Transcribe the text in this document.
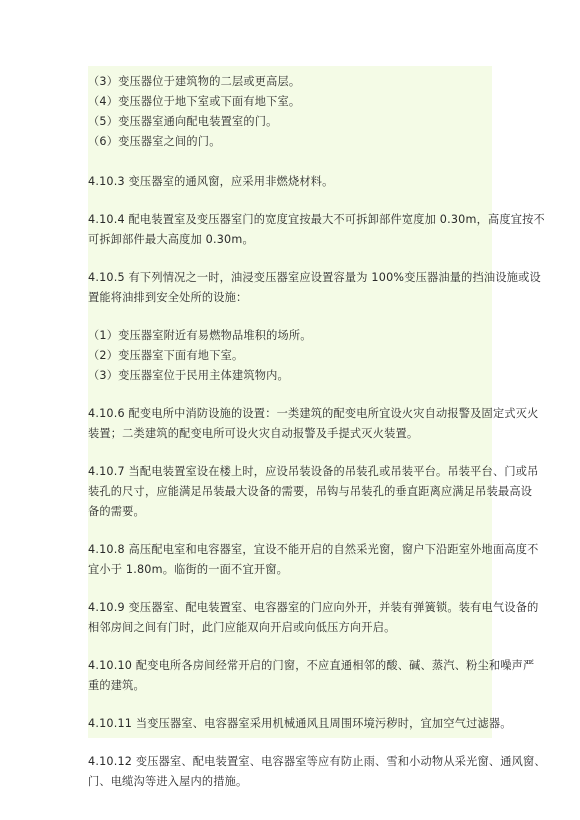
（3）变压器位于建筑物的二层或更高层。
（4）变压器位于地下室或下面有地下室。
（5）变压器室通向配电装置室的门。
（6）变压器室之间的门。
4.10.3 变压器室的通风窗，应采用非燃烧材料。
4.10.4 配电装置室及变压器室门的宽度宜按最大不可拆卸部件宽度加 0.30m，高度宜按不
可拆卸部件最大高度加 0.30m。
4.10.5 有下列情况之一时，油浸变压器室应设置容量为 100%变压器油量的挡油设施或设
置能将油排到安全处所的设施：
（1）变压器室附近有易燃物品堆积的场所。
（2）变压器室下面有地下室。
（3）变压器室位于民用主体建筑物内。
4.10.6 配变电所中消防设施的设置：一类建筑的配变电所宜设火灾自动报警及固定式灭火
装置；二类建筑的配变电所可设火灾自动报警及手提式灭火装置。
4.10.7 当配电装置室设在楼上时，应设吊装设备的吊装孔或吊装平台。吊装平台、门或吊
装孔的尺寸，应能满足吊装最大设备的需要，吊钩与吊装孔的垂直距离应满足吊装最高设
备的需要。
4.10.8 高压配电室和电容器室，宜设不能开启的自然采光窗，窗户下沿距室外地面高度不
宜小于 1.80m。临街的一面不宜开窗。
4.10.9 变压器室、配电装置室、电容器室的门应向外开，并装有弹簧锁。装有电气设备的
相邻房间之间有门时，此门应能双向开启或向低压方向开启。
4.10.10 配变电所各房间经常开启的门窗，不应直通相邻的酸、碱、蒸汽、粉尘和噪声严
重的建筑。
4.10.11 当变压器室、电容器室采用机械通风且周围环境污秽时，宜加空气过滤器。
4.10.12 变压器室、配电装置室、电容器室等应有防止雨、雪和小动物从采光窗、通风窗、
门、电缆沟等进入屋内的措施。
